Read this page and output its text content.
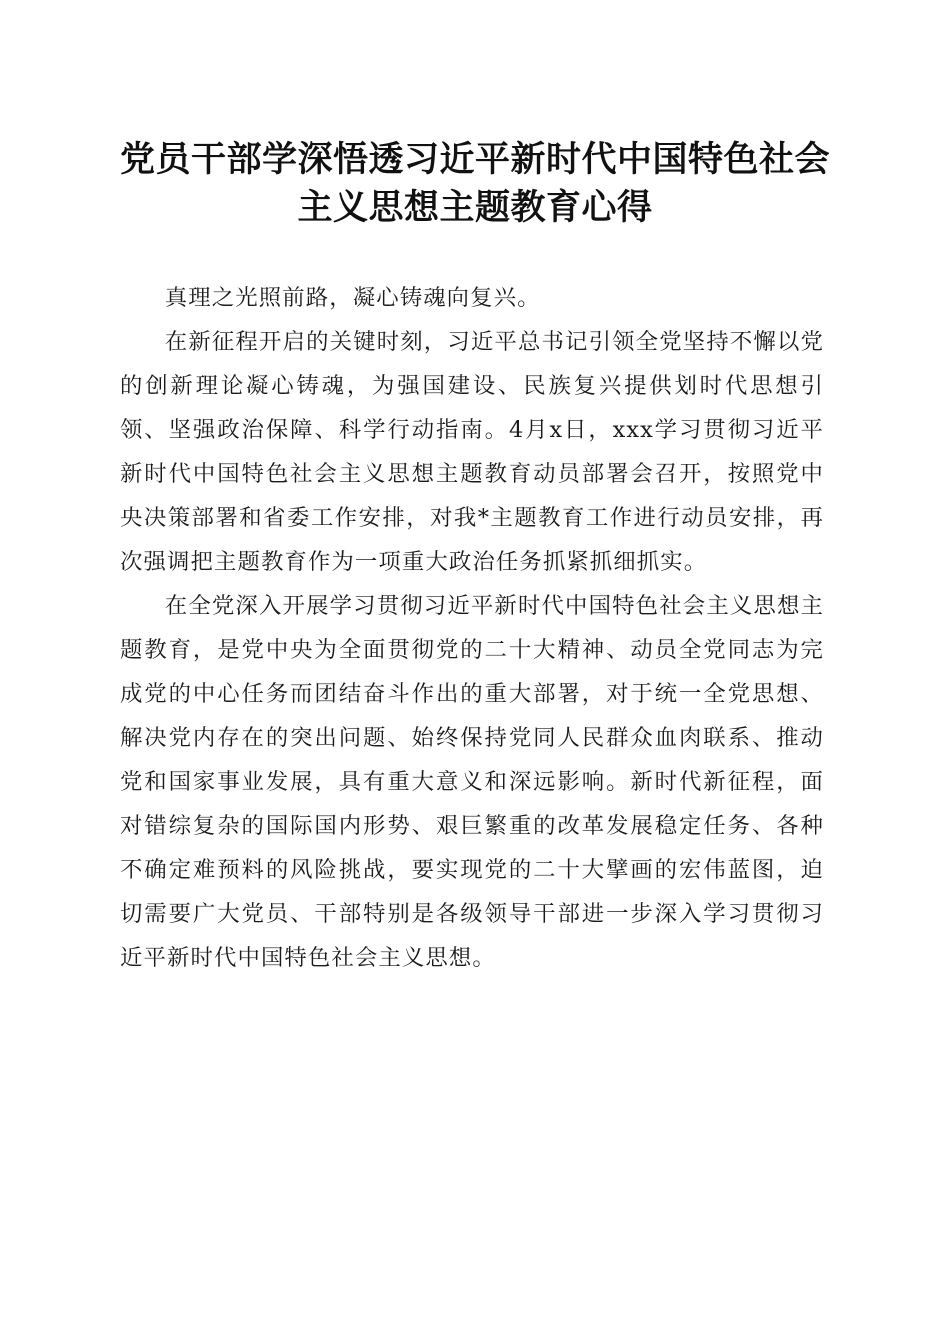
党员干部学深悟透习近平新时代中国特色社会主义思想主题教育心得

真理之光照前路，凝心铸魂向复兴。

在新征程开启的关键时刻，习近平总书记引领全党坚持不懈以党的创新理论凝心铸魂，为强国建设、民族复兴提供划时代思想引领、坚强政治保障、科学行动指南。4月x日，xxx学习贯彻习近平新时代中国特色社会主义思想主题教育动员部署会召开，按照党中央决策部署和省委工作安排，对我*主题教育工作进行动员安排，再次强调把主题教育作为一项重大政治任务抓紧抓细抓实。

在全党深入开展学习贯彻习近平新时代中国特色社会主义思想主题教育，是党中央为全面贯彻党的二十大精神、动员全党同志为完成党的中心任务而团结奋斗作出的重大部署，对于统一全党思想、解决党内存在的突出问题、始终保持党同人民群众血肉联系、推动党和国家事业发展，具有重大意义和深远影响。新时代新征程，面对错综复杂的国际国内形势、艰巨繁重的改革发展稳定任务、各种不确定难预料的风险挑战，要实现党的二十大擘画的宏伟蓝图，迫切需要广大党员、干部特别是各级领导干部进一步深入学习贯彻习近平新时代中国特色社会主义思想。
